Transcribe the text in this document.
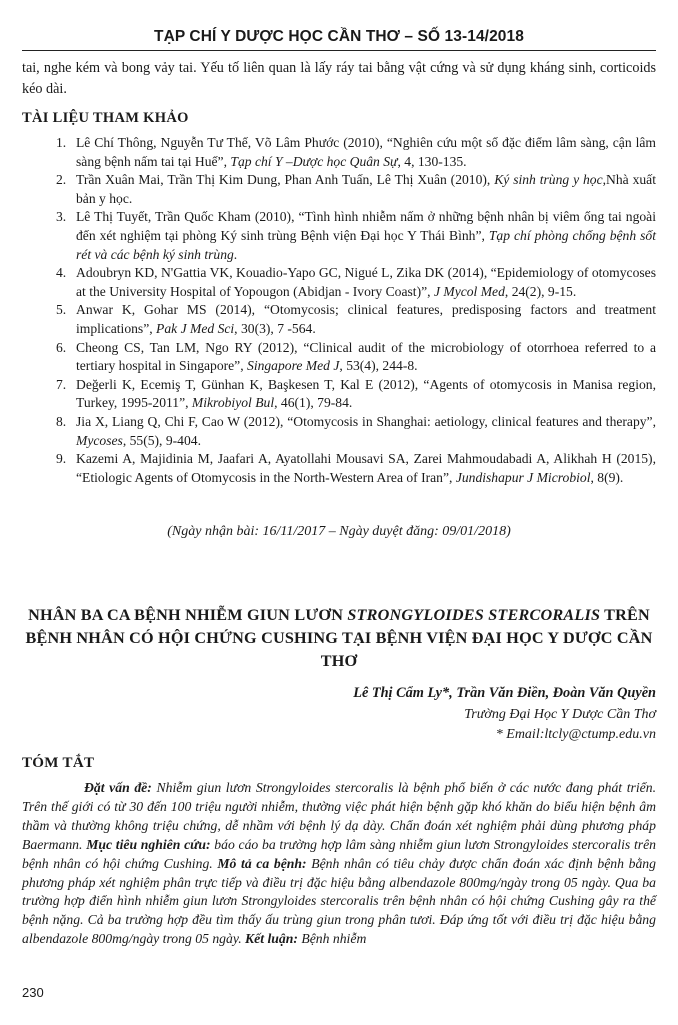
TẠP CHÍ Y DƯỢC HỌC CẦN THƠ – SỐ 13-14/2018
tai, nghe kém và bong vảy tai. Yếu tố liên quan là lấy ráy tai bằng vật cứng và sử dụng kháng sinh, corticoids kéo dài.
TÀI LIỆU THAM KHẢO
1. Lê Chí Thông, Nguyễn Tư Thế, Võ Lâm Phước (2010), “Nghiên cứu một số đặc điểm lâm sàng, cận lâm sàng bệnh nấm tai tại Huế”, Tạp chí Y –Dược học Quân Sự, 4, 130-135.
2. Trần Xuân Mai, Trần Thị Kim Dung, Phan Anh Tuấn, Lê Thị Xuân (2010), Ký sinh trùng y học,Nhà xuất bản y học.
3. Lê Thị Tuyết, Trần Quốc Kham (2010), “Tình hình nhiễm nấm ở những bệnh nhân bị viêm ống tai ngoài đến xét nghiệm tại phòng Ký sinh trùng Bệnh viện Đại học Y Thái Bình”, Tạp chí phòng chống bệnh sốt rét và các bệnh ký sinh trùng.
4. Adoubryn KD, N'Gattia VK, Kouadio-Yapo GC, Nigué L, Zika DK (2014), “Epidemiology of otomycoses at the University Hospital of Yopougon (Abidjan - Ivory Coast)”, J Mycol Med, 24(2), 9-15.
5. Anwar K, Gohar MS (2014), “Otomycosis; clinical features, predisposing factors and treatment implications”, Pak J Med Sci, 30(3), 7 -564.
6. Cheong CS, Tan LM, Ngo RY (2012), “Clinical audit of the microbiology of otorrhoea referred to a tertiary hospital in Singapore”, Singapore Med J, 53(4), 244-8.
7. Değerli K, Ecemiş T, Günhan K, Başkesen T, Kal E (2012), “Agents of otomycosis in Manisa region, Turkey, 1995-2011”, Mikrobiyol Bul, 46(1), 79-84.
8. Jia X, Liang Q, Chi F, Cao W (2012), “Otomycosis in Shanghai: aetiology, clinical features and therapy”, Mycoses, 55(5), 9-404.
9. Kazemi A, Majidinia M, Jaafari A, Ayatollahi Mousavi SA, Zarei Mahmoudabadi A, Alikhah H (2015), “Etiologic Agents of Otomycosis in the North-Western Area of Iran”, Jundishapur J Microbiol, 8(9).
(Ngày nhận bài: 16/11/2017 – Ngày duyệt đăng: 09/01/2018)
NHÂN BA CA BỆNH NHIỄM GIUN LƯƠN STRONGYLOIDES STERCORALIS TRÊN BỆNH NHÂN CÓ HỘI CHỨNG CUSHING TẠI BỆNH VIỆN ĐẠI HỌC Y DƯỢC CẦN THƠ
Lê Thị Cẩm Ly*, Trần Văn Điền, Đoàn Văn Quyền
Trường Đại Học Y Dược Cần Thơ
* Email:ltcly@ctump.edu.vn
TÓM TẮT
Đặt vấn đề: Nhiễm giun lươn Strongyloides stercoralis là bệnh phổ biến ở các nước đang phát triển. Trên thế giới có từ 30 đến 100 triệu người nhiễm, thường việc phát hiện bệnh gặp khó khăn do biểu hiện bệnh âm thầm và thường không triệu chứng, dễ nhầm với bệnh lý dạ dày. Chẩn đoán xét nghiệm phải dùng phương pháp Baermann. Mục tiêu nghiên cứu: báo cáo ba trường hợp lâm sàng nhiễm giun lươn Strongyloides stercoralis trên bệnh nhân có hội chứng Cushing. Mô tả ca bệnh: Bệnh nhân có tiêu chảy được chẩn đoán xác định bệnh bằng phương pháp xét nghiệm phân trực tiếp và điều trị đặc hiệu bằng albendazole 800mg/ngày trong 05 ngày. Qua ba trường hợp điển hình nhiễm giun lươn Strongyloides stercoralis trên bệnh nhân có hội chứng Cushing gây ra thể bệnh nặng. Cả ba trường hợp đều tìm thấy ấu trùng giun trong phân tươi. Đáp ứng tốt với điều trị đặc hiệu bằng albendazole 800mg/ngày trong 05 ngày. Kết luận: Bệnh nhiễm
230
